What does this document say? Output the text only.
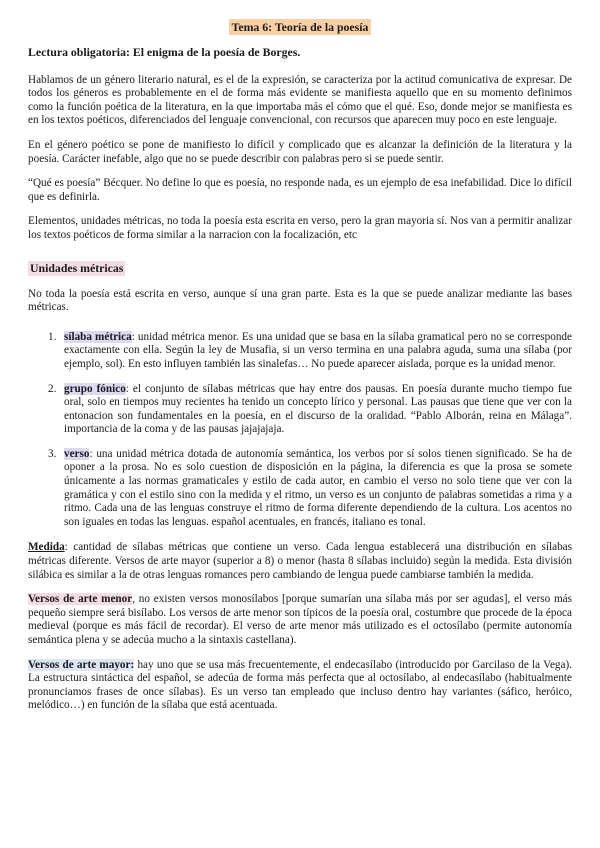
Tema 6: Teoría de la poesía

Lectura obligatoria: El enigma de la poesía de Borges.

Hablamos de un género literario natural, es el de la expresión, se caracteriza por la actitud comunicativa de expresar. De todos los géneros es probablemente en el de forma más evidente se manifiesta aquello que en su momento definimos como la función poética de la literatura, en la que importaba más el cómo que el qué. Eso, donde mejor se manifiesta es en los textos poéticos, diferenciados del lenguaje convencional, con recursos que aparecen muy poco en este lenguaje.

En el género poético se pone de manifiesto lo difícil y complicado que es alcanzar la definición de la literatura y la poesía. Carácter inefable, algo que no se puede describir con palabras pero si se puede sentir.

“Qué es poesía” Bécquer. No define lo que es poesía, no responde nada, es un ejemplo de esa inefabilidad. Dice lo difícil que es definirla.

Elementos, unidades métricas, no toda la poesía esta escrita en verso, pero la gran mayoria sí. Nos van a permitir analizar los textos poéticos de forma similar a la narracion con la focalización, etc

Unidades métricas

No toda la poesía está escrita en verso, aunque sí una gran parte. Esta es la que se puede analizar mediante las bases métricas.

1. sílaba métrica: unidad métrica menor. Es una unidad que se basa en la sílaba gramatical pero no se corresponde exactamente con ella. Según la ley de Musafia, si un verso termina en una palabra aguda, suma una sílaba (por ejemplo, sol). En esto influyen también las sinalefas… No puede aparecer aislada, porque es la unidad menor.

2. grupo fónico: el conjunto de sílabas métricas que hay entre dos pausas. En poesía durante mucho tiempo fue oral, solo en tiempos muy recientes ha tenido un concepto lírico y personal. Las pausas que tiene que ver con la entonacion son fundamentales en la poesía, en el discurso de la oralidad. “Pablo Alborán, reina en Málaga”. importancia de la coma y de las pausas jajajajaja.

3. verso: una unidad métrica dotada de autonomía semántica, los verbos por sí solos tienen significado. Se ha de oponer a la prosa. No es solo cuestion de disposición en la página, la diferencia es que la prosa se somete únicamente a las normas gramaticales y estilo de cada autor, en cambio el verso no solo tiene que ver con la gramática y con el estilo sino con la medida y el ritmo, un verso es un conjunto de palabras sometidas a rima y a ritmo. Cada una de las lenguas construye el ritmo de forma diferente dependiendo de la cultura. Los acentos no son iguales en todas las lenguas. español acentuales, en francés, italiano es tonal.

Medida: cantidad de sílabas métricas que contiene un verso. Cada lengua establecerá una distribución en sílabas métricas diferente. Versos de arte mayor (superior a 8) o menor (hasta 8 sílabas incluido) según la medida. Esta división silábica es similar a la de otras lenguas romances pero cambiando de lengua puede cambiarse también la medida.

Versos de arte menor, no existen versos monosílabos [porque sumarían una sílaba más por ser agudas], el verso más pequeño siempre será bisílabo. Los versos de arte menor son típicos de la poesía oral, costumbre que procede de la época medieval (porque es más fácil de recordar). El verso de arte menor más utilizado es el octosílabo (permite autonomía semántica plena y se adecúa mucho a la sintaxis castellana).

Versos de arte mayor: hay uno que se usa más frecuentemente, el endecasílabo (introducido por Garcilaso de la Vega). La estructura sintáctica del español, se adecúa de forma más perfecta que al octosílabo, al endecasílabo (habitualmente pronunciamos frases de once sílabas). Es un verso tan empleado que incluso dentro hay variantes (sáfico, heróico, melódico…) en función de la sílaba que está acentuada.
